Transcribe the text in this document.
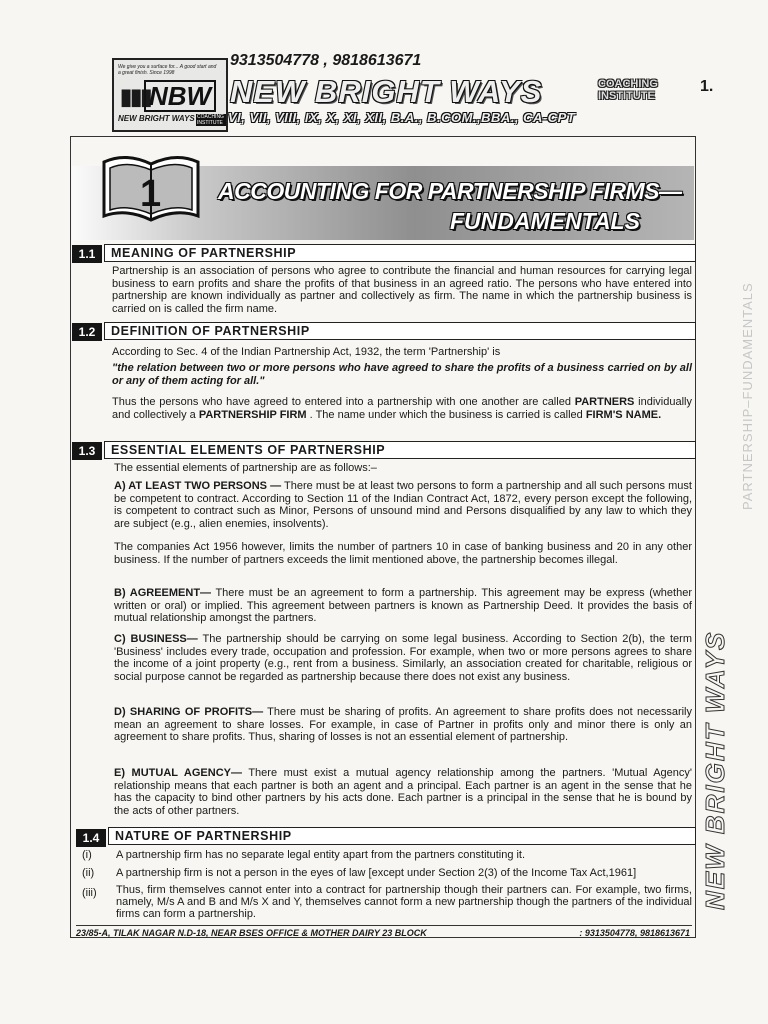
We give you a surface for... A good start and a great finish. Since 1998
▮▮▮
NBW
NEW BRIGHT WAYS COACHING INSTITUTE
9313504778 , 9818613671
NEW BRIGHT WAYS	COACHING
INSTITUTE
VI, VII, VIII, IX, X, XI, XII, B.A., B.COM.,BBA., CA-CPT
1.
1 ACCOUNTING FOR PARTNERSHIP FIRMS—
FUNDAMENTALS
1.1	MEANING OF PARTNERSHIP
Partnership is an association of persons who agree to contribute the financial and human resources for carrying legal business to earn profits and share the profits of that business in an agreed ratio. The persons who have entered into partnership are known individually as partner and collectively as firm. The name in which the partnership business is carried on is called the firm name.
1.2	DEFINITION OF PARTNERSHIP
According to Sec. 4 of the Indian Partnership Act, 1932, the term 'Partnership' is
"the relation between two or more persons who have agreed to share the profits of a business carried on by all or any of them acting for all."
Thus the persons who have agreed to entered into a partnership with one another are called PARTNERS individually and collectively a PARTNERSHIP FIRM . The name under which the business is carried is called FIRM'S NAME.
1.3	ESSENTIAL ELEMENTS OF PARTNERSHIP
The essential elements of partnership are as follows:–
A) AT LEAST TWO PERSONS — There must be at least two persons to form a partnership and all such persons must be competent to contract. According to Section 11 of the Indian Contract Act, 1872, every person except the following, is competent to contract such as Minor, Persons of unsound mind and Persons disqualified by any law to which they are subject (e.g., alien enemies, insolvents).
The companies Act 1956 however, limits the number of partners 10 in case of banking business and 20 in any other business. If the number of partners exceeds the limit mentioned above, the partnership becomes illegal.
B) AGREEMENT— There must be an agreement to form a partnership. This agreement may be express (whether written or oral) or implied. This agreement between partners is known as Partnership Deed. It provides the basis of mutual relationship amongst the partners.
C) BUSINESS— The partnership should be carrying on some legal business. According to Section 2(b), the term 'Business' includes every trade, occupation and profession. For example, when two or more persons agrees to share the income of a joint property (e.g., rent from a business. Similarly, an association created for charitable, religious or social purpose cannot be regarded as partnership because there does not exist any business.
D) SHARING OF PROFITS— There must be sharing of profits. An agreement to share profits does not necessarily mean an agreement to share losses. For example, in case of Partner in profits only and minor there is only an agreement to share profits. Thus, sharing of losses is not an essential element of partnership.
E) MUTUAL AGENCY— There must exist a mutual agency relationship among the partners. 'Mutual Agency' relationship means that each partner is both an agent and a principal. Each partner is an agent in the sense that he has the capacity to bind other partners by his acts done. Each partner is a principal in the sense that he is bound by the acts of other partners.
1.4	NATURE OF PARTNERSHIP
(i) A partnership firm has no separate legal entity apart from the partners constituting it.
(ii) A partnership firm is not a person in the eyes of law [except under Section 2(3) of the Income Tax Act,1961]
(iii) Thus, firm themselves cannot enter into a contract for partnership though their partners can. For example, two firms, namely, M/s A and B and M/s X and Y, themselves cannot form a new partnership though the partners of the individual firms can form a partnership.
23/85-A, TILAK NAGAR N.D-18, NEAR BSES OFFICE & MOTHER DAIRY 23 BLOCK	: 9313504778, 9818613671
PARTNERSHIP–FUNDAMENTALS
NEW BRIGHT WAYS
